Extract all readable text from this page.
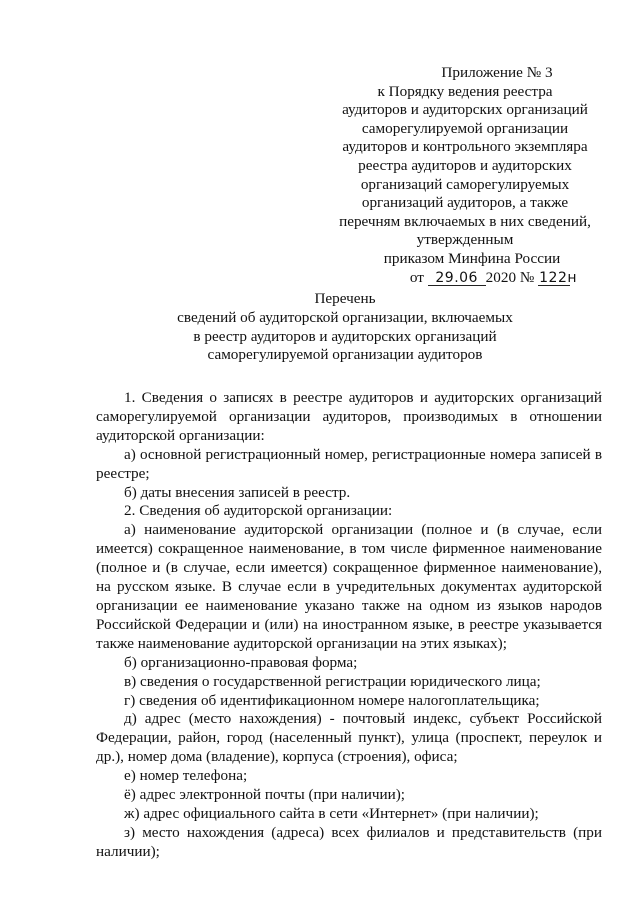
Приложение № 3
к Порядку ведения реестра
аудиторов и аудиторских организаций
саморегулируемой организации
аудиторов и контрольного экземпляра
реестра аудиторов и аудиторских
организаций саморегулируемых
организаций аудиторов, а также
перечням включаемых в них сведений,
утвержденным
приказом Минфина России
от 29.06 2020 № 122н
Перечень
сведений об аудиторской организации, включаемых
в реестр аудиторов и аудиторских организаций
саморегулируемой организации аудиторов

1. Сведения о записях в реестре аудиторов и аудиторских организаций саморегулируемой организации аудиторов, производимых в отношении аудиторской организации:

а) основной регистрационный номер, регистрационные номера записей в реестре;

б) даты внесения записей в реестр.

2. Сведения об аудиторской организации:

а) наименование аудиторской организации (полное и (в случае, если имеется) сокращенное наименование, в том числе фирменное наименование (полное и (в случае, если имеется) сокращенное фирменное наименование), на русском языке. В случае если в учредительных документах аудиторской организации ее наименование указано также на одном из языков народов Российской Федерации и (или) на иностранном языке, в реестре указывается также наименование аудиторской организации на этих языках);

б) организационно-правовая форма;

в) сведения о государственной регистрации юридического лица;

г) сведения об идентификационном номере налогоплательщика;

д) адрес (место нахождения) - почтовый индекс, субъект Российской Федерации, район, город (населенный пункт), улица (проспект, переулок и др.), номер дома (владение), корпуса (строения), офиса;

е) номер телефона;

ё) адрес электронной почты (при наличии);

ж) адрес официального сайта в сети «Интернет» (при наличии);

з) место нахождения (адреса) всех филиалов и представительств (при наличии);
